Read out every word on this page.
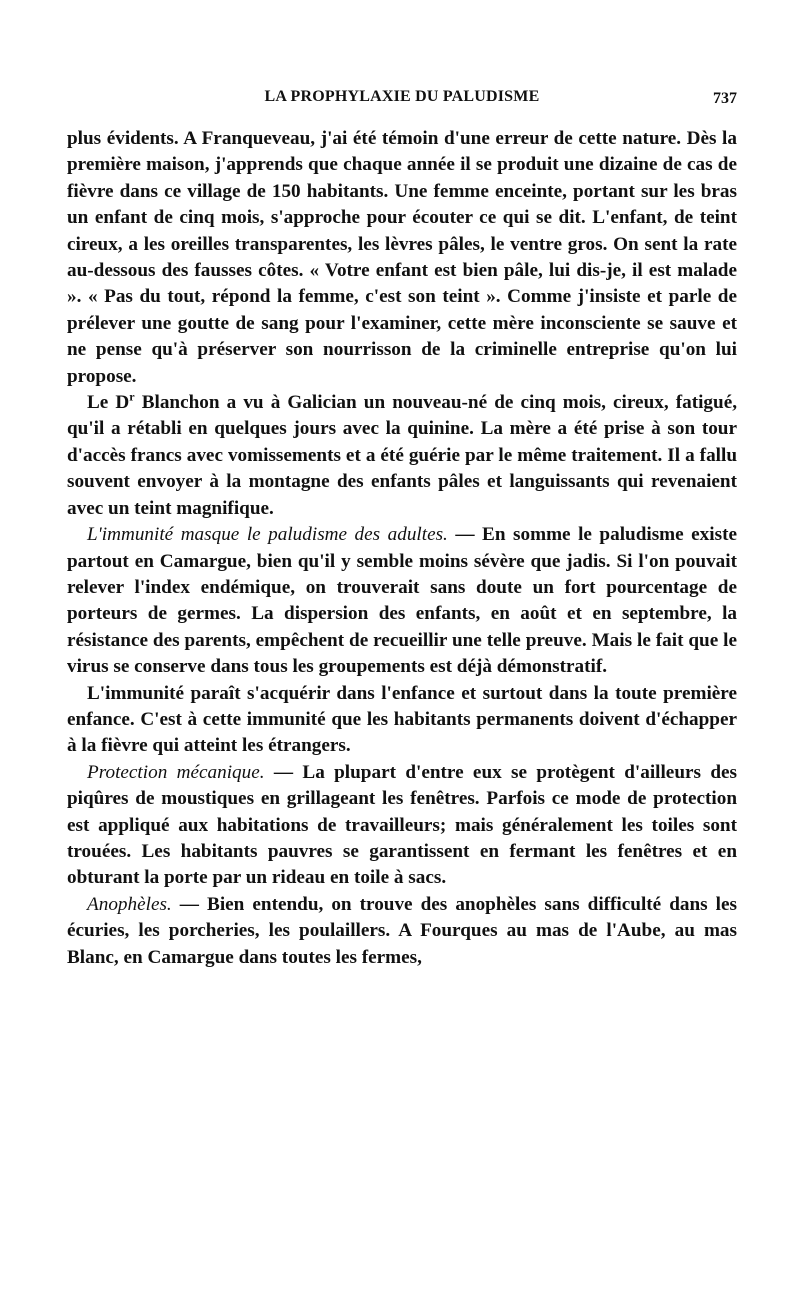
LA PROPHYLAXIE DU PALUDISME	737

plus évidents. A Franqueveau, j'ai été témoin d'une erreur de cette nature. Dès la première maison, j'apprends que chaque année il se produit une dizaine de cas de fièvre dans ce village de 150 habitants. Une femme enceinte, portant sur les bras un enfant de cinq mois, s'approche pour écouter ce qui se dit. L'enfant, de teint cireux, a les oreilles transparentes, les lèvres pâles, le ventre gros. On sent la rate au-dessous des fausses côtes. « Votre enfant est bien pâle, lui dis-je, il est malade ». « Pas du tout, répond la femme, c'est son teint ». Comme j'insiste et parle de prélever une goutte de sang pour l'examiner, cette mère inconsciente se sauve et ne pense qu'à préserver son nourrisson de la criminelle entreprise qu'on lui propose.

Le $D^r$ Blanchon a vu à Galician un nouveau-né de cinq mois, cireux, fatigué, qu'il a rétabli en quelques jours avec la quinine. La mère a été prise à son tour d'accès francs avec vomissements et a été guérie par le même traitement. Il a fallu souvent envoyer à la montagne des enfants pâles et languissants qui revenaient avec un teint magnifique.

L'immunité masque le paludisme des adultes. — En somme le paludisme existe partout en Camargue, bien qu'il y semble moins sévère que jadis. Si l'on pouvait relever l'index endémique, on trouverait sans doute un fort pourcentage de porteurs de germes. La dispersion des enfants, en août et en septembre, la résistance des parents, empêchent de recueillir une telle preuve. Mais le fait que le virus se conserve dans tous les groupements est déjà démonstratif.

L'immunité paraît s'acquérir dans l'enfance et surtout dans la toute première enfance. C'est à cette immunité que les habitants permanents doivent d'échapper à la fièvre qui atteint les étrangers.

Protection mécanique. — La plupart d'entre eux se protègent d'ailleurs des piqûres de moustiques en grillageant les fenêtres. Parfois ce mode de protection est appliqué aux habitations de travailleurs; mais généralement les toiles sont trouées. Les habitants pauvres se garantissent en fermant les fenêtres et en obturant la porte par un rideau en toile à sacs.

Anophèles. — Bien entendu, on trouve des anophèles sans difficulté dans les écuries, les porcheries, les poulaillers. A Fourques au mas de l'Aube, au mas Blanc, en Camargue dans toutes les fermes,
